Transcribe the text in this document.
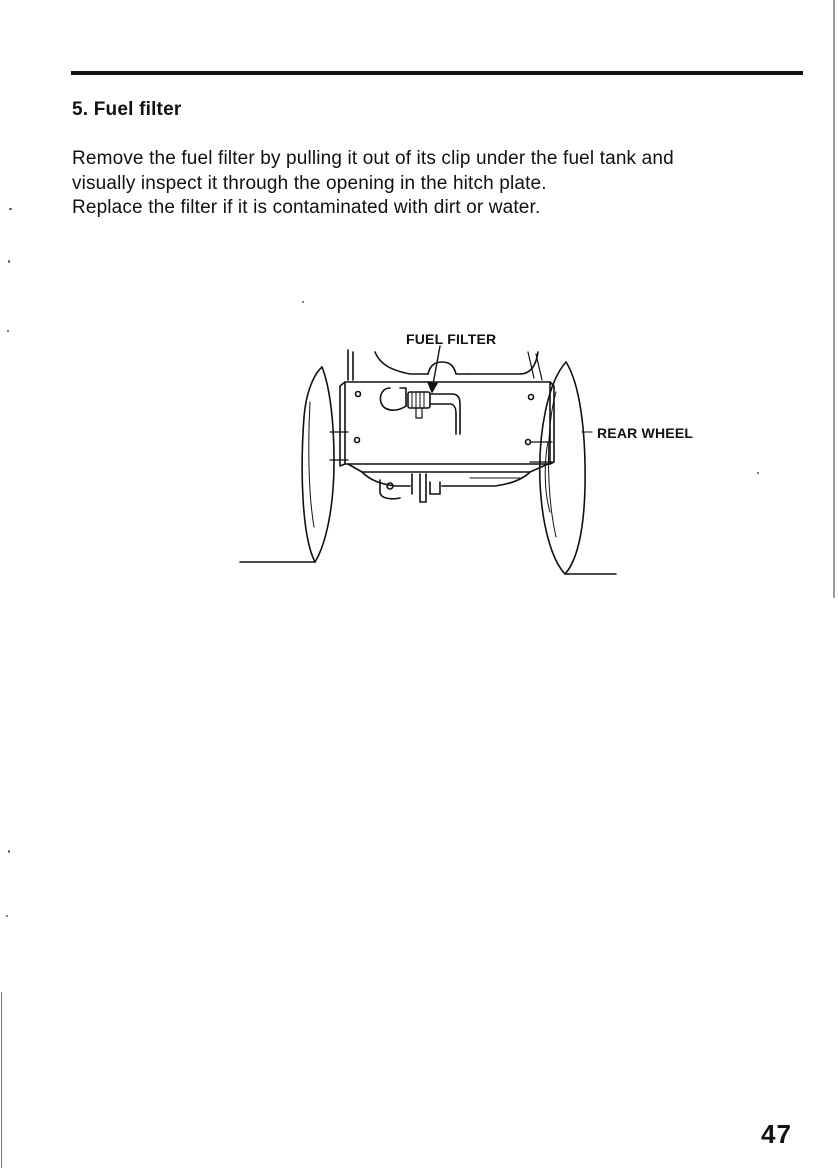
5. Fuel filter

Remove the fuel filter by pulling it out of its clip under the fuel tank and

visually inspect it through the opening in the hitch plate.

Replace the filter if it is contaminated with dirt or water.

FUEL FILTER
REAR WHEEL
47
